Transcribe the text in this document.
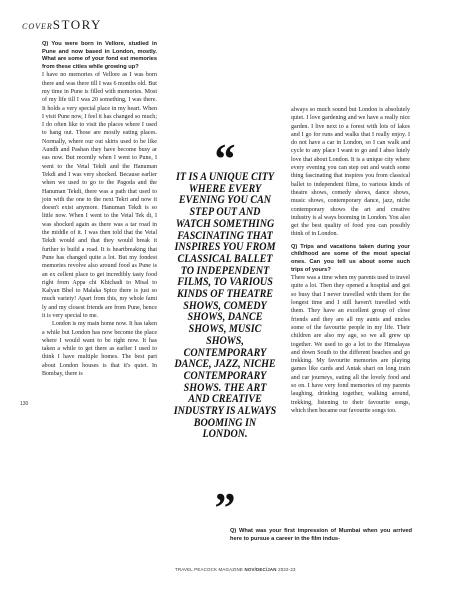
COVERSTORY
130

Q) You were born in Vellore, studied in Pune and now based in London, mostly. What are some of your fond est memories from these cities while growing up?

I have no memories of Vellore as I was born there and was there till I was 6 months old. But my time in Pune is filled with memories. Most of my life till I was 20 something, I was there. It holds a very special place in my heart. When I visit Pune now, I feel it has changed so much; I do often like to visit the places where I used to hang out. Those are mostly eating places. Normally, where our out skirts used to be like Aundh and Pashan they have become busy ar eas now. But recently when I went to Pune, I went to the Vetal Tekdi and the Hanuman Tekdi and I was very shocked. Because earlier when we used to go to the Pagoda and the Hanuman Tekdi, there was a path that used to join with the one to the next Tekri and now it doesn't exist anymore. Hanuman Tekdi is so little now. When I went to the Vetal Tek di, I was shocked again as there was a tar road in the middle of it. I was then told that the Vetal Tekdi would and that they would break it further to build a road. It is heartbreaking that Pune has changed quite a lot. But my fondest memories revolve also around food as Pune is an ex cellent place to get incredibly tasty food right from Appa chi Khichadi to Misal to Kalyan Bhel to Malaka Spice there is just so much variety! Apart from this, my whole fami ly and my closest friends are from Pune, hence it is very special to me.

London is my main home now. It has taken a while but London has now become the place where I would want to be right now. It has taken a while to get there as earlier I used to think I have multiple homes. The best part about London houses is that it's quiet. In Bombay, there is

“
IT IS A UNIQUE CITY WHERE EVERY EVENING YOU CAN STEP OUT AND WATCH SOMETHING FASCINATING THAT INSPIRES YOU FROM CLASSICAL BALLET TO INDEPENDENT FILMS, TO VARIOUS KINDS OF THEATRE SHOWS, COMEDY SHOWS, DANCE SHOWS, MUSIC SHOWS, CONTEMPORARY DANCE, JAZZ, NICHE CONTEMPORARY SHOWS. THE ART AND CREATIVE INDUSTRY IS ALWAYS BOOMING IN LONDON.
”

always so much sound but London is absolutely quiet. I love gardening and we have a really nice garden. I live next to a forest with lots of lakes and I go for runs and walks that I really enjoy. I do not have a car in London, so I can walk and cycle to any place I want to go and I abso lutely love that about London. It is a unique city where every evening you can step out and watch some thing fascinating that inspires you from classical ballet to independent films, to various kinds of theatre shows, comedy shows, dance shows, music shows, contemporary dance, jazz, niche contemporary shows the art and creative industry is al ways booming in London. You also get the best quality of food you can possibly think of in London.

Q) Trips and vacations taken during your childhood are some of the most special ones. Can you tell us about some such trips of yours?

There was a time when my parents used to travel quite a lot. Then they opened a hospital and got so busy that I never travelled with them for the longest time and I still haven't travelled with them. They have an excellent group of close friends and they are all my aunts and uncles some of the favourite people in my life. Their children are also my age, so we all grew up together. We used to go a lot to the Himalayas and down South to the different beaches and go trekking. My favourite memories are playing games like cards and Antak shari on long train and car journeys, eating all the lovely food and so on. I have very fond memories of my parents laughing, drinking together, walking around, trekking, listening to their favourite songs, which then became our favourite songs too.

Q) What was your first impression of Mumbai when you arrived here to pursue a career in the film indus-
TRAVEL PEACOCK MAGAZINE NOV/DEC/JAN 2022-23
